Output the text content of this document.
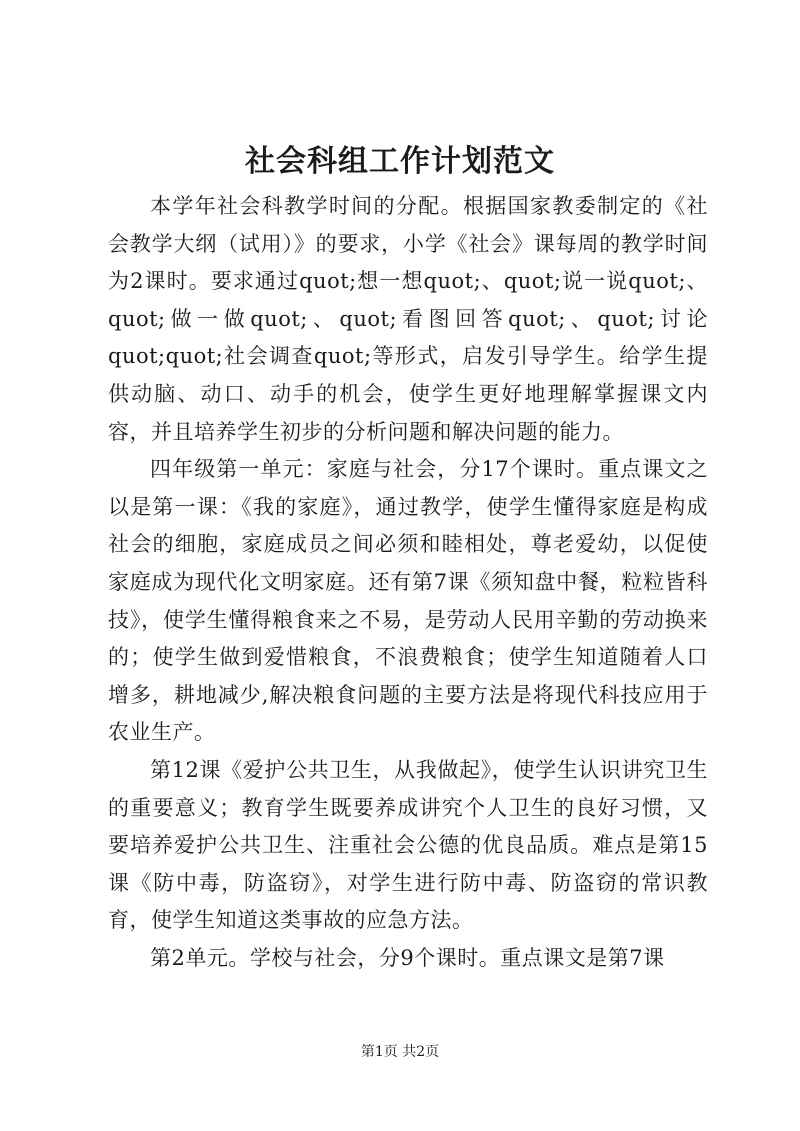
社会科组工作计划范文

本学年社会科教学时间的分配。根据国家教委制定的《社会教学大纲（试用）》的要求，小学《社会》课每周的教学时间为2课时。要求通过quot;想一想quot;、quot;说一说quot;、quot;做一做quot;、quot;看图回答quot;、quot;讨论quot;quot;社会调查quot;等形式，启发引导学生。给学生提供动脑、动口、动手的机会，使学生更好地理解掌握课文内容，并且培养学生初步的分析问题和解决问题的能力。

四年级第一单元：家庭与社会，分17个课时。重点课文之以是第一课：《我的家庭》，通过教学，使学生懂得家庭是构成社会的细胞，家庭成员之间必须和睦相处，尊老爱幼，以促使家庭成为现代化文明家庭。还有第7课《须知盘中餐，粒粒皆科技》，使学生懂得粮食来之不易，是劳动人民用辛勤的劳动换来的；使学生做到爱惜粮食，不浪费粮食；使学生知道随着人口增多，耕地减少,解决粮食问题的主要方法是将现代科技应用于农业生产。

第12课《爱护公共卫生，从我做起》，使学生认识讲究卫生的重要意义；教育学生既要养成讲究个人卫生的良好习惯，又要培养爱护公共卫生、注重社会公德的优良品质。难点是第15课《防中毒，防盗窃》，对学生进行防中毒、防盗窃的常识教育，使学生知道这类事故的应急方法。

第2单元。学校与社会，分9个课时。重点课文是第7课

第1页 共2页
